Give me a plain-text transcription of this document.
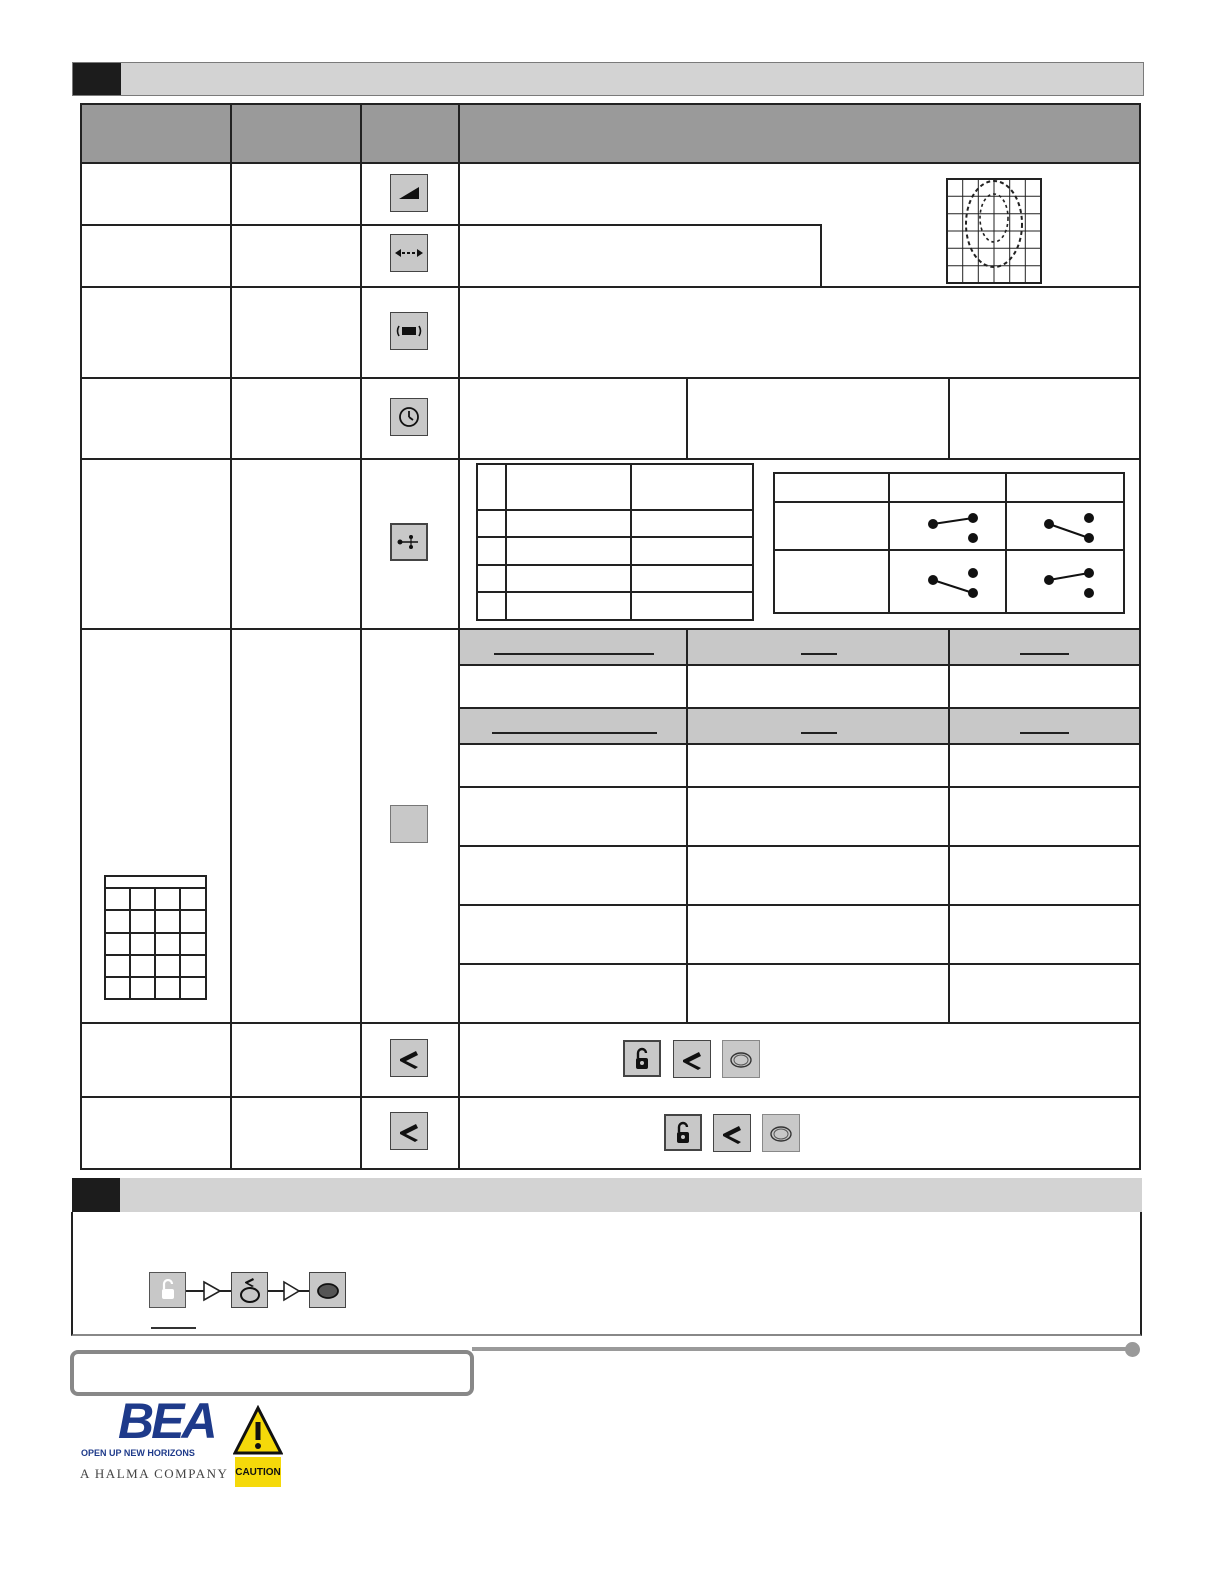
BEA
OPEN UP NEW HORIZONS
A HALMA COMPANY CAUTION
